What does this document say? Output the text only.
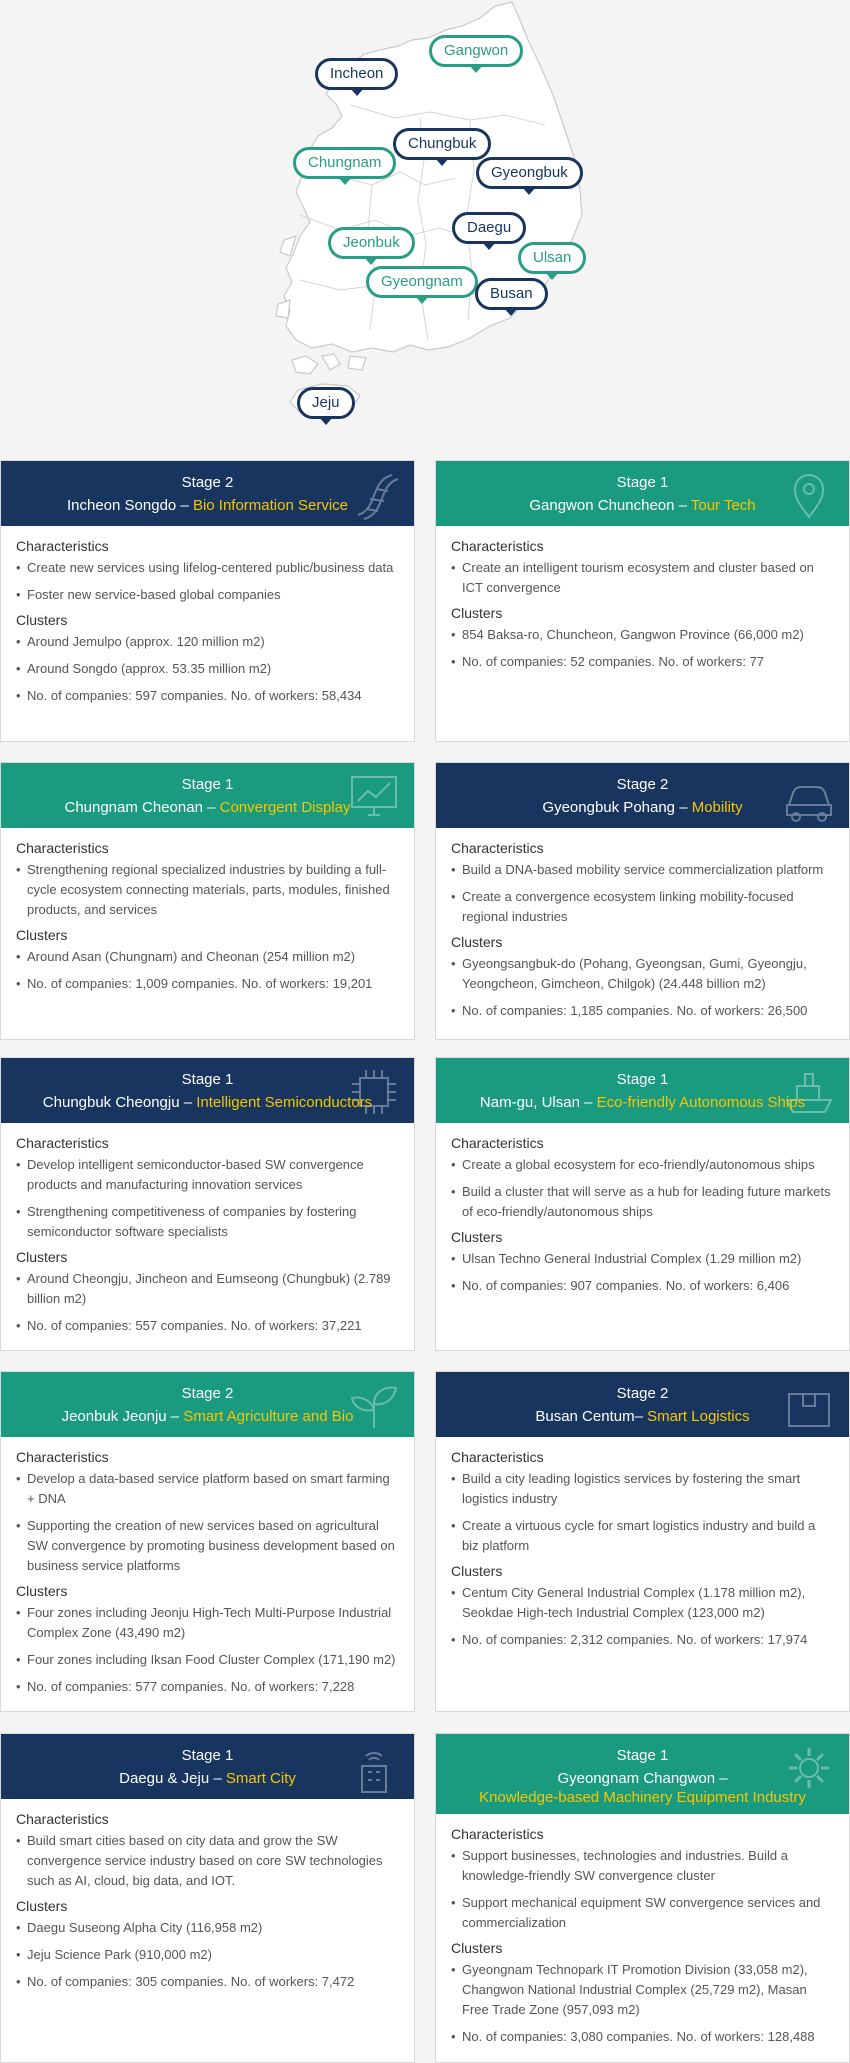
Incheon
Gangwon
Chungbuk
Chungnam
Gyeongbuk
Daegu
Jeonbuk
Ulsan
Gyeongnam
Busan
Jeju
Stage 2
Incheon Songdo – Bio Information Service
Characteristics
• Create new services using lifelog-centered public/business data
• Foster new service-based global companies
Clusters
• Around Jemulpo (approx. 120 million m2)
• Around Songdo (approx. 53.35 million m2)
• No. of companies: 597 companies. No. of workers: 58,434
Stage 1
Gangwon Chuncheon – Tour Tech
Characteristics
• Create an intelligent tourism ecosystem and cluster based on ICT convergence
Clusters
• 854 Baksa-ro, Chuncheon, Gangwon Province (66,000 m2)
• No. of companies: 52 companies. No. of workers: 77
Stage 1
Chungnam Cheonan – Convergent Display
Characteristics
• Strengthening regional specialized industries by building a full-cycle ecosystem connecting materials, parts, modules, finished products, and services
Clusters
• Around Asan (Chungnam) and Cheonan (254 million m2)
• No. of companies: 1,009 companies. No. of workers: 19,201
Stage 2
Gyeongbuk Pohang – Mobility
Characteristics
• Build a DNA-based mobility service commercialization platform
• Create a convergence ecosystem linking mobility-focused regional industries
Clusters
• Gyeongsangbuk-do (Pohang, Gyeongsan, Gumi, Gyeongju, Yeongcheon, Gimcheon, Chilgok) (24.448 billion m2)
• No. of companies: 1,185 companies. No. of workers: 26,500
Stage 1
Chungbuk Cheongju – Intelligent Semiconductors
Characteristics
• Develop intelligent semiconductor-based SW convergence products and manufacturing innovation services
• Strengthening competitiveness of companies by fostering semiconductor software specialists
Clusters
• Around Cheongju, Jincheon and Eumseong (Chungbuk) (2.789 billion m2)
• No. of companies: 557 companies. No. of workers: 37,221
Stage 1
Nam-gu, Ulsan – Eco-friendly Autonomous Ships
Characteristics
• Create a global ecosystem for eco-friendly/autonomous ships
• Build a cluster that will serve as a hub for leading future markets of eco-friendly/autonomous ships
Clusters
• Ulsan Techno General Industrial Complex (1.29 million m2)
• No. of companies: 907 companies. No. of workers: 6,406
Stage 2
Jeonbuk Jeonju – Smart Agriculture and Bio
Characteristics
• Develop a data-based service platform based on smart farming + DNA
• Supporting the creation of new services based on agricultural SW convergence by promoting business development based on business service platforms
Clusters
• Four zones including Jeonju High-Tech Multi-Purpose Industrial Complex Zone (43,490 m2)
• Four zones including Iksan Food Cluster Complex (171,190 m2)
• No. of companies: 577 companies. No. of workers: 7,228
Stage 2
Busan Centum– Smart Logistics
Characteristics
• Build a city leading logistics services by fostering the smart logistics industry
• Create a virtuous cycle for smart logistics industry and build a biz platform
Clusters
• Centum City General Industrial Complex (1.178 million m2), Seokdae High-tech Industrial Complex (123,000 m2)
• No. of companies: 2,312 companies. No. of workers: 17,974
Stage 1
Daegu & Jeju – Smart City
Characteristics
• Build smart cities based on city data and grow the SW convergence service industry based on core SW technologies such as AI, cloud, big data, and IOT.
Clusters
• Daegu Suseong Alpha City (116,958 m2)
• Jeju Science Park (910,000 m2)
• No. of companies: 305 companies. No. of workers: 7,472
Stage 1
Gyeongnam Changwon –
Knowledge-based Machinery Equipment Industry
Characteristics
• Support businesses, technologies and industries. Build a knowledge-friendly SW convergence cluster
• Support mechanical equipment SW convergence services and commercialization
Clusters
• Gyeongnam Technopark IT Promotion Division (33,058 m2), Changwon National Industrial Complex (25,729 m2), Masan Free Trade Zone (957,093 m2)
• No. of companies: 3,080 companies. No. of workers: 128,488
